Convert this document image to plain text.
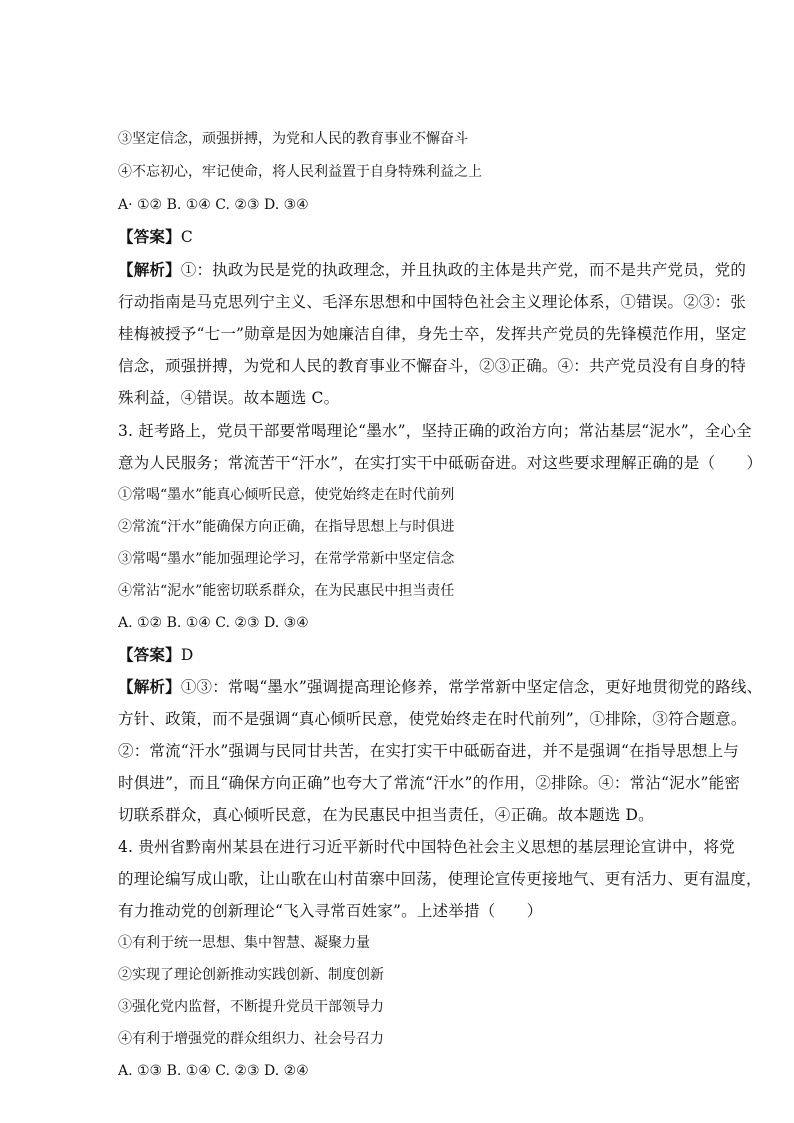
③坚定信念，顽强拼搏，为党和人民的教育事业不懈奋斗
④不忘初心，牢记使命，将人民利益置于自身特殊利益之上
A· ①② B. ①④ C. ②③ D. ③④
【答案】C
【解析】①：执政为民是党的执政理念，并且执政的主体是共产党，而不是共产党员，党的
行动指南是马克思列宁主义、毛泽东思想和中国特色社会主义理论体系，①错误。②③：张
桂梅被授予“七一”勋章是因为她廉洁自律，身先士卒，发挥共产党员的先锋模范作用，坚定
信念，顽强拼搏，为党和人民的教育事业不懈奋斗，②③正确。④：共产党员没有自身的特
殊利益，④错误。故本题选 C。
3. 赶考路上，党员干部要常喝理论“墨水”，坚持正确的政治方向；常沾基层“泥水”，全心全
意为人民服务；常流苦干“汗水”，在实打实干中砥砺奋进。对这些要求理解正确的是（　　）
①常喝“墨水”能真心倾听民意，使党始终走在时代前列
②常流“汗水”能确保方向正确，在指导思想上与时俱进
③常喝“墨水”能加强理论学习，在常学常新中坚定信念
④常沾“泥水”能密切联系群众，在为民惠民中担当责任
A. ①② B. ①④ C. ②③ D. ③④
【答案】D
【解析】①③：常喝“墨水”强调提高理论修养，常学常新中坚定信念，更好地贯彻党的路线、
方针、政策，而不是强调“真心倾听民意，使党始终走在时代前列”，①排除，③符合题意。
②：常流“汗水”强调与民同甘共苦，在实打实干中砥砺奋进，并不是强调“在指导思想上与
时俱进”，而且“确保方向正确”也夸大了常流“汗水”的作用，②排除。④：常沾“泥水”能密
切联系群众，真心倾听民意，在为民惠民中担当责任，④正确。故本题选 D。
4. 贵州省黔南州某县在进行习近平新时代中国特色社会主义思想的基层理论宣讲中，将党
的理论编写成山歌，让山歌在山村苗寨中回荡，使理论宣传更接地气、更有活力、更有温度，
有力推动党的创新理论“飞入寻常百姓家”。上述举措（　　）
①有利于统一思想、集中智慧、凝聚力量
②实现了理论创新推动实践创新、制度创新
③强化党内监督，不断提升党员干部领导力
④有利于增强党的群众组织力、社会号召力
A. ①③ B. ①④ C. ②③ D. ②④
